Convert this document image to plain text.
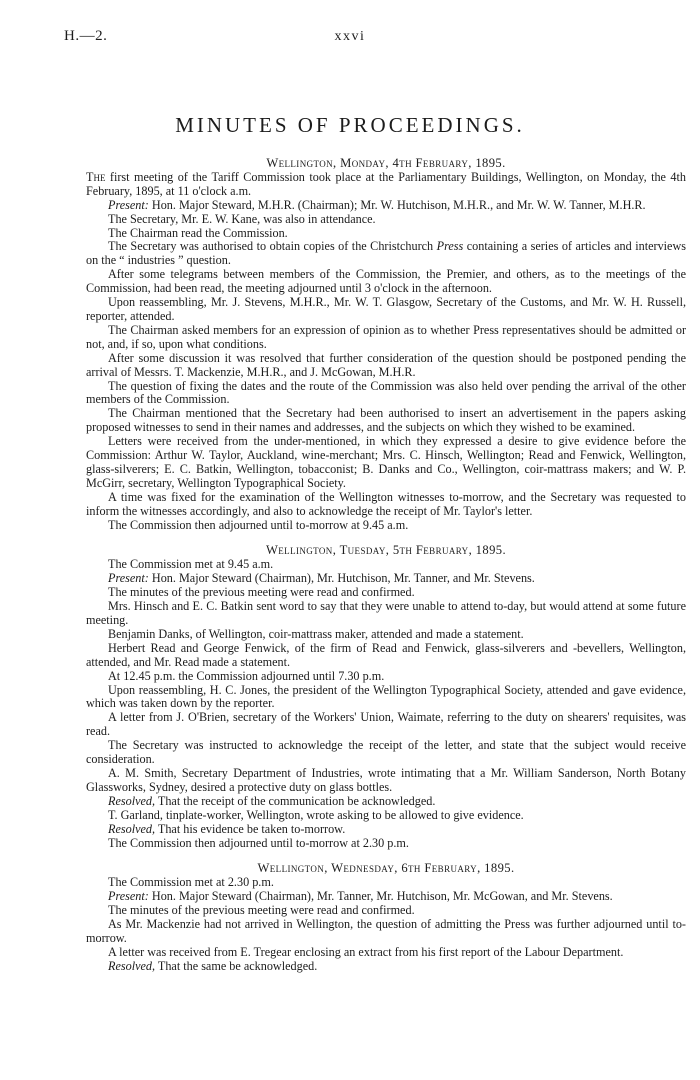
H.—2.	xxvi
MINUTES OF PROCEEDINGS.
Wellington, Monday, 4th February, 1895.

The first meeting of the Tariff Commission took place at the Parliamentary Buildings, Wellington, on Monday, the 4th February, 1895, at 11 o'clock a.m.

Present: Hon. Major Steward, M.H.R. (Chairman); Mr. W. Hutchison, M.H.R., and Mr. W. W. Tanner, M.H.R.

The Secretary, Mr. E. W. Kane, was also in attendance.

The Chairman read the Commission.

The Secretary was authorised to obtain copies of the Christchurch Press containing a series of articles and interviews on the “ industries ” question.

After some telegrams between members of the Commission, the Premier, and others, as to the meetings of the Commission, had been read, the meeting adjourned until 3 o'clock in the afternoon.

Upon reassembling, Mr. J. Stevens, M.H.R., Mr. W. T. Glasgow, Secretary of the Customs, and Mr. W. H. Russell, reporter, attended.

The Chairman asked members for an expression of opinion as to whether Press representatives should be admitted or not, and, if so, upon what conditions.

After some discussion it was resolved that further consideration of the question should be postponed pending the arrival of Messrs. T. Mackenzie, M.H.R., and J. McGowan, M.H.R.

The question of fixing the dates and the route of the Commission was also held over pending the arrival of the other members of the Commission.

The Chairman mentioned that the Secretary had been authorised to insert an advertisement in the papers asking proposed witnesses to send in their names and addresses, and the subjects on which they wished to be examined.

Letters were received from the under-mentioned, in which they expressed a desire to give evidence before the Commission: Arthur W. Taylor, Auckland, wine-merchant; Mrs. C. Hinsch, Wellington; Read and Fenwick, Wellington, glass-silverers; E. C. Batkin, Wellington, tobacconist; B. Danks and Co., Wellington, coir-mattrass makers; and W. P. McGirr, secretary, Wellington Typographical Society.

A time was fixed for the examination of the Wellington witnesses to-morrow, and the Secretary was requested to inform the witnesses accordingly, and also to acknowledge the receipt of Mr. Taylor's letter.

The Commission then adjourned until to-morrow at 9.45 a.m.

Wellington, Tuesday, 5th February, 1895.

The Commission met at 9.45 a.m.

Present: Hon. Major Steward (Chairman), Mr. Hutchison, Mr. Tanner, and Mr. Stevens.

The minutes of the previous meeting were read and confirmed.

Mrs. Hinsch and E. C. Batkin sent word to say that they were unable to attend to-day, but would attend at some future meeting.

Benjamin Danks, of Wellington, coir-mattrass maker, attended and made a statement.

Herbert Read and George Fenwick, of the firm of Read and Fenwick, glass-silverers and -bevellers, Wellington, attended, and Mr. Read made a statement.

At 12.45 p.m. the Commission adjourned until 7.30 p.m.

Upon reassembling, H. C. Jones, the president of the Wellington Typographical Society, attended and gave evidence, which was taken down by the reporter.

A letter from J. O'Brien, secretary of the Workers' Union, Waimate, referring to the duty on shearers' requisites, was read.

The Secretary was instructed to acknowledge the receipt of the letter, and state that the subject would receive consideration.

A. M. Smith, Secretary Department of Industries, wrote intimating that a Mr. William Sanderson, North Botany Glassworks, Sydney, desired a protective duty on glass bottles.

Resolved, That the receipt of the communication be acknowledged.

T. Garland, tinplate-worker, Wellington, wrote asking to be allowed to give evidence.

Resolved, That his evidence be taken to-morrow.

The Commission then adjourned until to-morrow at 2.30 p.m.

Wellington, Wednesday, 6th February, 1895.

The Commission met at 2.30 p.m.

Present: Hon. Major Steward (Chairman), Mr. Tanner, Mr. Hutchison, Mr. McGowan, and Mr. Stevens.

The minutes of the previous meeting were read and confirmed.

As Mr. Mackenzie had not arrived in Wellington, the question of admitting the Press was further adjourned until to-morrow.

A letter was received from E. Tregear enclosing an extract from his first report of the Labour Department.

Resolved, That the same be acknowledged.
